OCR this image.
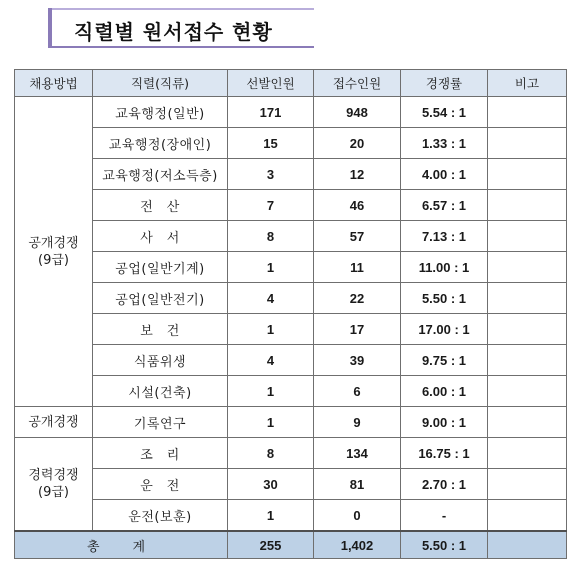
직렬별 원서접수 현황
채용방법	직렬(직류)	선발인원	접수인원	경쟁률	비고
공개경쟁
(9급)	교육행정(일반)	171	948	5.54 : 1	
	교육행정(장애인)	15	20	1.33 : 1	
	교육행정(저소득층)	3	12	4.00 : 1	
	전　산	7	46	6.57 : 1	
	사　서	8	57	7.13 : 1	
	공업(일반기계)	1	11	11.00 : 1	
	공업(일반전기)	4	22	5.50 : 1	
	보　건	1	17	17.00 : 1	
	식품위생	4	39	9.75 : 1	
	시설(건축)	1	6	6.00 : 1	
공개경쟁	기록연구	1	9	9.00 : 1	
경력경쟁
(9급)	조　리	8	134	16.75 : 1	
	운　전	30	81	2.70 : 1	
	운전(보훈)	1	0	-	
총　계		255	1,402	5.50 : 1	
